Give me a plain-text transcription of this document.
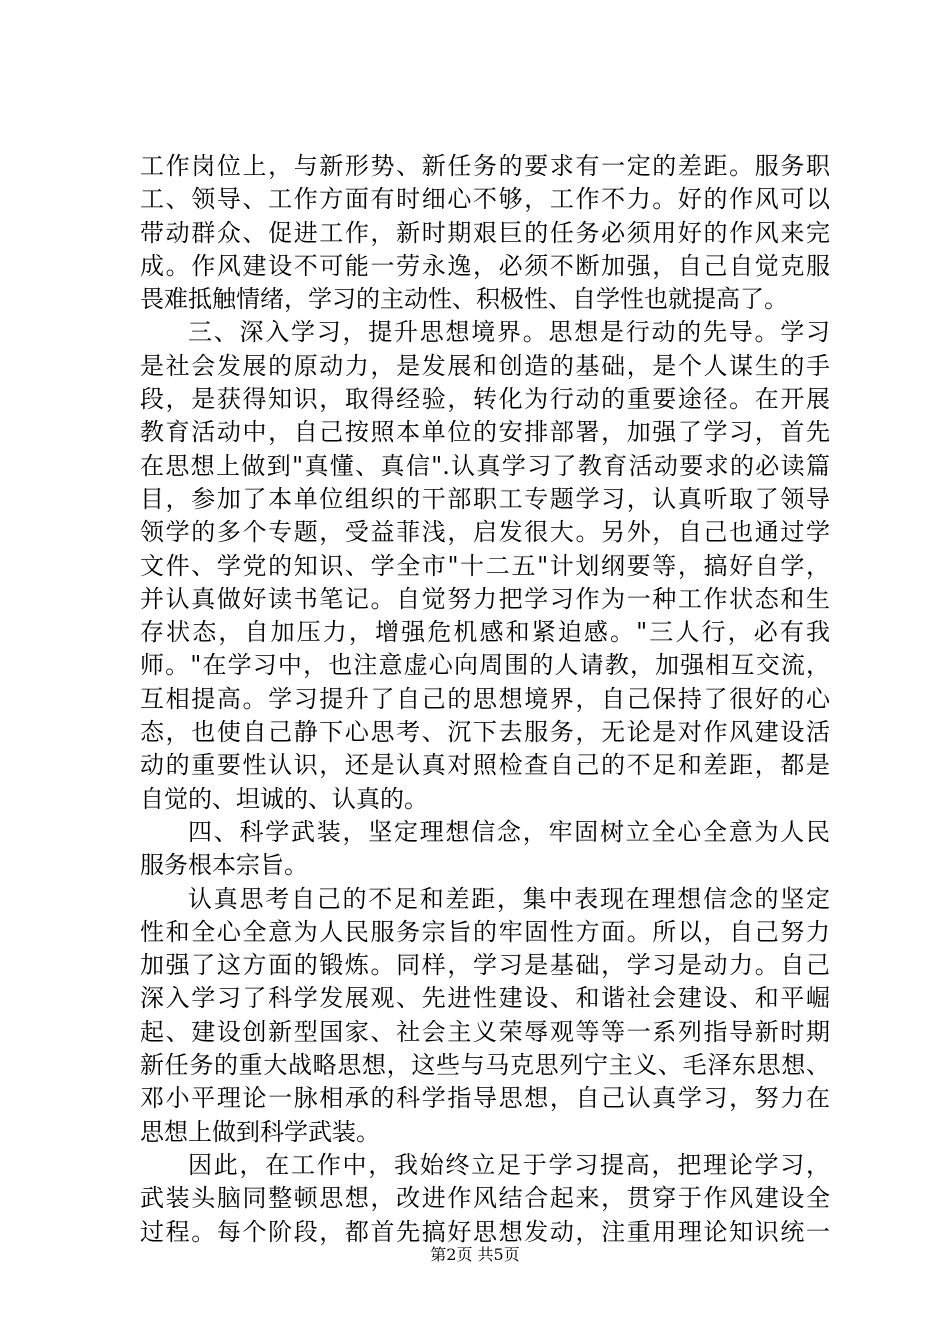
工作岗位上，与新形势、新任务的要求有一定的差距。服务职
工、领导、工作方面有时细心不够，工作不力。好的作风可以
带动群众、促进工作，新时期艰巨的任务必须用好的作风来完
成。作风建设不可能一劳永逸，必须不断加强，自己自觉克服
畏难抵触情绪，学习的主动性、积极性、自学性也就提高了。
三、深入学习，提升思想境界。思想是行动的先导。学习
是社会发展的原动力，是发展和创造的基础，是个人谋生的手
段，是获得知识，取得经验，转化为行动的重要途径。在开展
教育活动中，自己按照本单位的安排部署，加强了学习，首先
在思想上做到"真懂、真信".认真学习了教育活动要求的必读篇
目，参加了本单位组织的干部职工专题学习，认真听取了领导
领学的多个专题，受益菲浅，启发很大。另外，自己也通过学
文件、学党的知识、学全市"十二五"计划纲要等，搞好自学，
并认真做好读书笔记。自觉努力把学习作为一种工作状态和生
存状态，自加压力，增强危机感和紧迫感。"三人行，必有我
师。"在学习中，也注意虚心向周围的人请教，加强相互交流，
互相提高。学习提升了自己的思想境界，自己保持了很好的心
态，也使自己静下心思考、沉下去服务，无论是对作风建设活
动的重要性认识，还是认真对照检查自己的不足和差距，都是
自觉的、坦诚的、认真的。
四、科学武装，坚定理想信念，牢固树立全心全意为人民
服务根本宗旨。
认真思考自己的不足和差距，集中表现在理想信念的坚定
性和全心全意为人民服务宗旨的牢固性方面。所以，自己努力
加强了这方面的锻炼。同样，学习是基础，学习是动力。自己
深入学习了科学发展观、先进性建设、和谐社会建设、和平崛
起、建设创新型国家、社会主义荣辱观等等一系列指导新时期
新任务的重大战略思想，这些与马克思列宁主义、毛泽东思想、
邓小平理论一脉相承的科学指导思想，自己认真学习，努力在
思想上做到科学武装。
因此，在工作中，我始终立足于学习提高，把理论学习，
武装头脑同整顿思想，改进作风结合起来，贯穿于作风建设全
过程。每个阶段，都首先搞好思想发动，注重用理论知识统一
第2页 共5页
